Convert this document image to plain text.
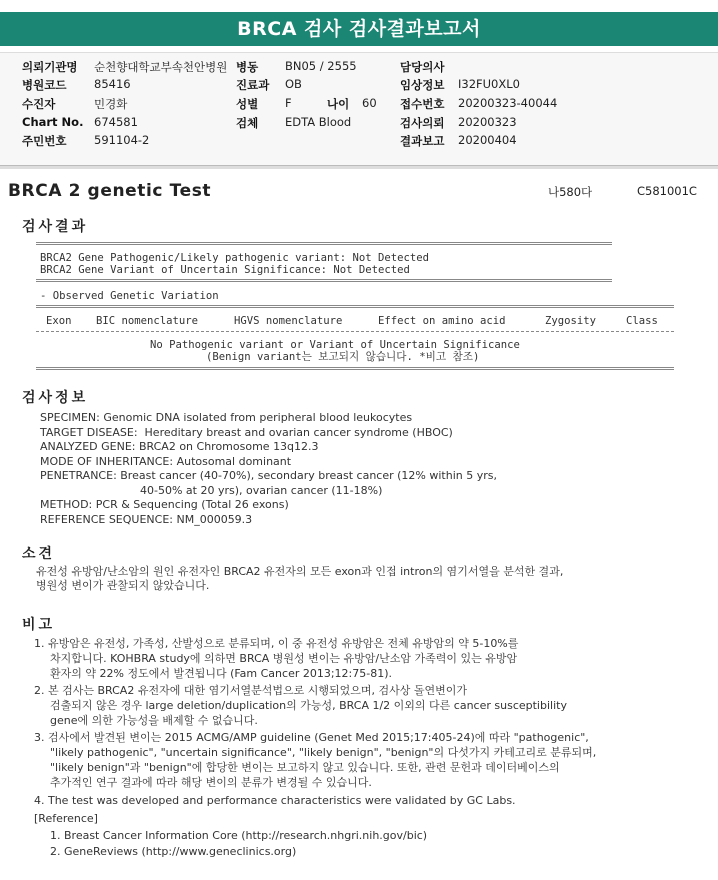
BRCA 검사 검사결과보고서
의뢰기관명 순천향대학교부속천안병원 병동 BN05 / 2555	담당의사
병원코드 85416	진료과 OB	임상정보 I32FU0XL0
수진자	민경화	성별 F	나이 60 접수번호 20200323-40044
Chart No. 674581	검체 EDTA Blood	검사의뢰 20200323
주민번호 591104-2	결과보고 20200404
BRCA 2 genetic Test	나580다	C581001C
검사결과
BRCA2 Gene Pathogenic/Likely pathogenic variant: Not Detected
BRCA2 Gene Variant of Uncertain Significance: Not Detected
- Observed Genetic Variation
Exon BIC nomenclature	HGVS nomenclature	Effect on amino acid	Zygosity	Class
No Pathogenic variant or Variant of Uncertain Significance
(Benign variant는 보고되지 않습니다. *비고 참조)
검사정보
SPECIMEN: Genomic DNA isolated from peripheral blood leukocytes
TARGET DISEASE:  Hereditary breast and ovarian cancer syndrome (HBOC)
ANALYZED GENE: BRCA2 on Chromosome 13q12.3
MODE OF INHERITANCE: Autosomal dominant
PENETRANCE: Breast cancer (40-70%), secondary breast cancer (12% within 5 yrs,
40-50% at 20 yrs), ovarian cancer (11-18%)
METHOD: PCR & Sequencing (Total 26 exons)
REFERENCE SEQUENCE: NM_000059.3
소견
유전성 유방암/난소암의 원인 유전자인 BRCA2 유전자의 모든 exon과 인접 intron의 염기서열을 분석한 결과,
병원성 변이가 관찰되지 않았습니다.
비고
1. 유방암은 유전성, 가족성, 산발성으로 분류되며, 이 중 유전성 유방암은 전체 유방암의 약 5-10%를
차지합니다. KOHBRA study에 의하면 BRCA 병원성 변이는 유방암/난소암 가족력이 있는 유방암
환자의 약 22% 정도에서 발견됩니다 (Fam Cancer 2013;12:75-81).
2. 본 검사는 BRCA2 유전자에 대한 염기서열분석법으로 시행되었으며, 검사상 돌연변이가
검출되지 않은 경우 large deletion/duplication의 가능성, BRCA 1/2 이외의 다른 cancer susceptibility
gene에 의한 가능성을 배제할 수 없습니다.
3. 검사에서 발견된 변이는 2015 ACMG/AMP guideline (Genet Med 2015;17:405-24)에 따라 "pathogenic",
"likely pathogenic", "uncertain significance", "likely benign", "benign"의 다섯가지 카테고리로 분류되며,
"likely benign"과 "benign"에 합당한 변이는 보고하지 않고 있습니다. 또한, 관련 문헌과 데이터베이스의
추가적인 연구 결과에 따라 해당 변이의 분류가 변경될 수 있습니다.
4. The test was developed and performance characteristics were validated by GC Labs.
[Reference]
1. Breast Cancer Information Core (http://research.nhgri.nih.gov/bic)
2. GeneReviews (http://www.geneclinics.org)
